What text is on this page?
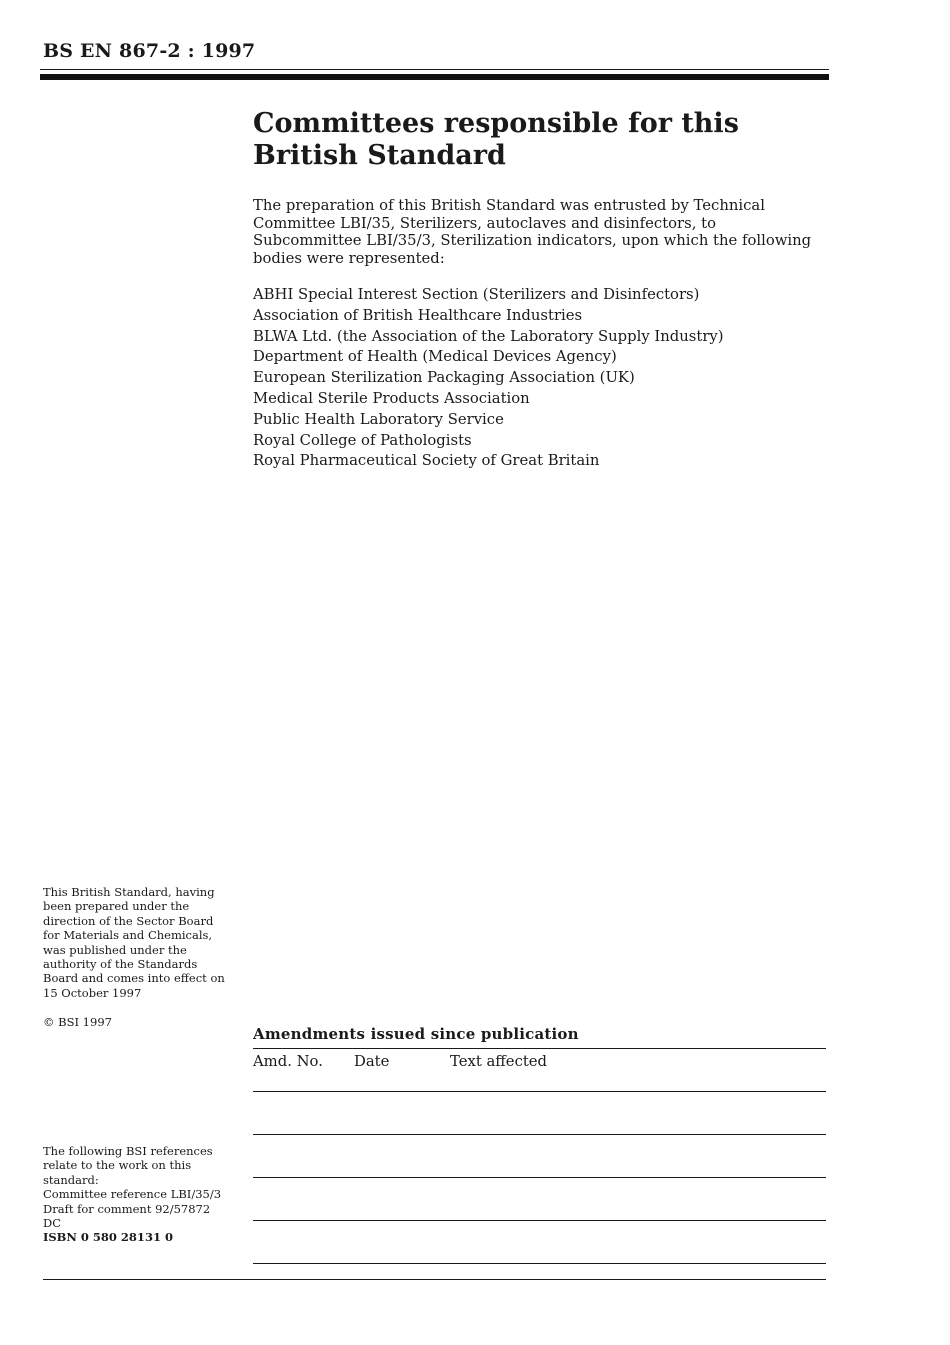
BS EN 867-2 : 1997
Committees responsible for this
British Standard

The preparation of this British Standard was entrusted by Technical Committee LBI/35, Sterilizers, autoclaves and disinfectors, to Subcommittee LBI/35/3, Sterilization indicators, upon which the following bodies were represented:

ABHI Special Interest Section (Sterilizers and Disinfectors)
Association of British Healthcare Industries
BLWA Ltd. (the Association of the Laboratory Supply Industry)
Department of Health (Medical Devices Agency)
European Sterilization Packaging Association (UK)
Medical Sterile Products Association
Public Health Laboratory Service
Royal College of Pathologists
Royal Pharmaceutical Society of Great Britain

This British Standard, having been prepared under the direction of the Sector Board for Materials and Chemicals, was published under the authority of the Standards Board and comes into effect on
15 October 1997

© BSI 1997

The following BSI references relate to the work on this standard:
Committee reference LBI/35/3
Draft for comment 92/57872 DC

ISBN 0 580 28131 0
Amendments issued since publication
Amd. No. Date	Text affected
